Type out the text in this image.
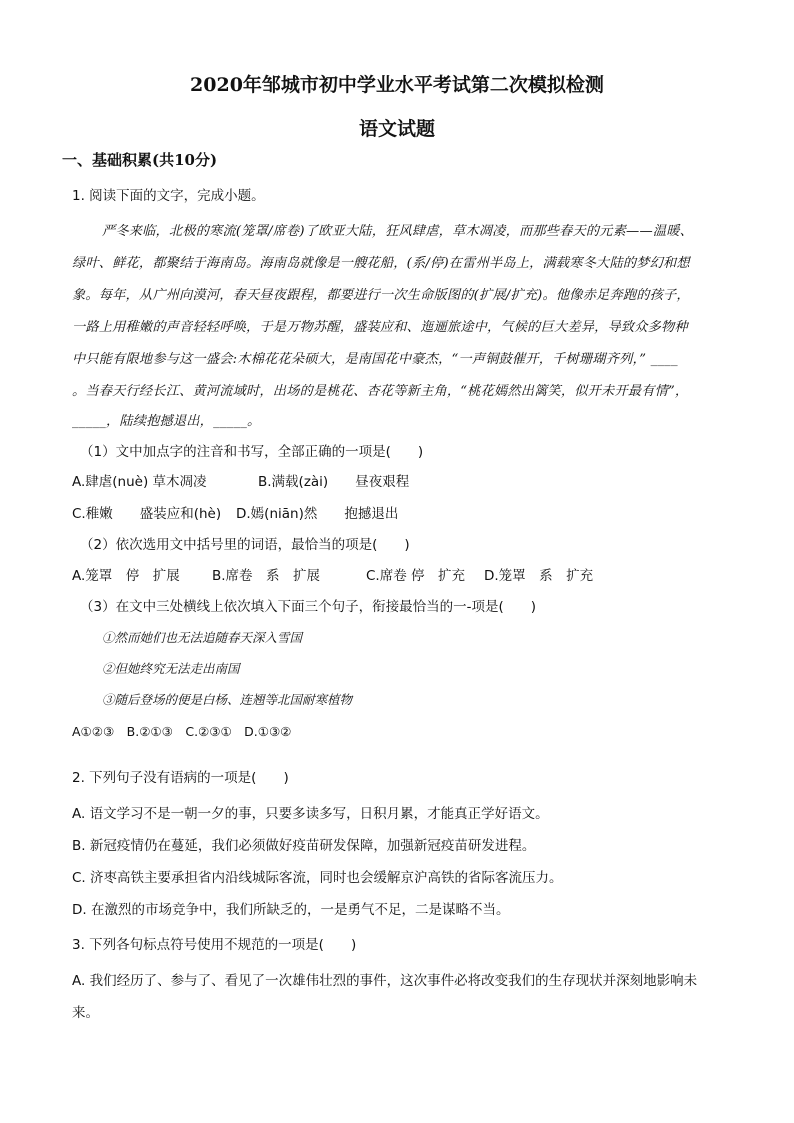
2020年邹城市初中学业水平考试第二次模拟检测
语文试题
一、基础积累(共10分)
1. 阅读下面的文字，完成小题。
严冬来临，北极的寒流(笼罩/席卷)了欧亚大陆，狂风肆虐，草木凋凌，而那些春天的元素——温暖、
绿叶、鲜花，都聚结于海南岛。海南岛就像是一艘花船，(系/停)在雷州半岛上，满载寒冬大陆的梦幻和想
象。每年，从广州向漠河，春天昼夜跟程，都要进行一次生命版图的(扩展/扩充)。他像赤足奔跑的孩子，
一路上用稚嫩的声音轻轻呼唤，于是万物苏醒，盛装应和、迤逦旅途中，气候的巨大差异，导致众多物种
中只能有限地参与这一盛会:木棉花花朵硕大，是南国花中豪杰，“一声铜鼓催开，千树珊瑚齐列，” ____
。当春天行经长江、黄河流域时，出场的是桃花、杏花等新主角，“桃花嫣然出篱笑，似开未开最有情”，
_____，陆续抱撼退出，_____。
（1）文中加点字的注音和书写，全部正确的一项是(　　)
A.肆虐(nuè) 草木凋凌	B.满载(zài)　　昼夜艰程
C.稚嫩　　盛装应和(hè) D.嫣(niān)然　　抱撼退出
（2）依次选用文中括号里的词语，最恰当的项是(　　)
A.笼罩　停　扩展 B.席卷　系　扩展	C.席卷 停　扩充 D.笼罩　系　扩充
（3）在文中三处横线上依次填入下面三个句子，衔接最恰当的一-项是(　　)
①然而她们也无法追随春天深入雪国
②但她终究无法走出南国
③随后登场的便是白杨、连翘等北国耐寒植物
A①②③　B.②①③　C.②③①　D.①③②
2. 下列句子没有语病的一项是(　　)
A. 语文学习不是一朝一夕的事，只要多读多写，日积月累，才能真正学好语文。
B. 新冠疫情仍在蔓延，我们必须做好疫苗研发保障，加强新冠疫苗研发进程。
C. 济枣高铁主要承担省内沿线城际客流，同时也会缓解京沪高铁的省际客流压力。
D. 在激烈的市场竞争中，我们所缺乏的，一是勇气不足，二是谋略不当。
3. 下列各句标点符号使用不规范的一项是(　　)
A. 我们经历了、参与了、看见了一次雄伟壮烈的事件，这次事件必将改变我们的生存现状并深刻地影响未
来。
